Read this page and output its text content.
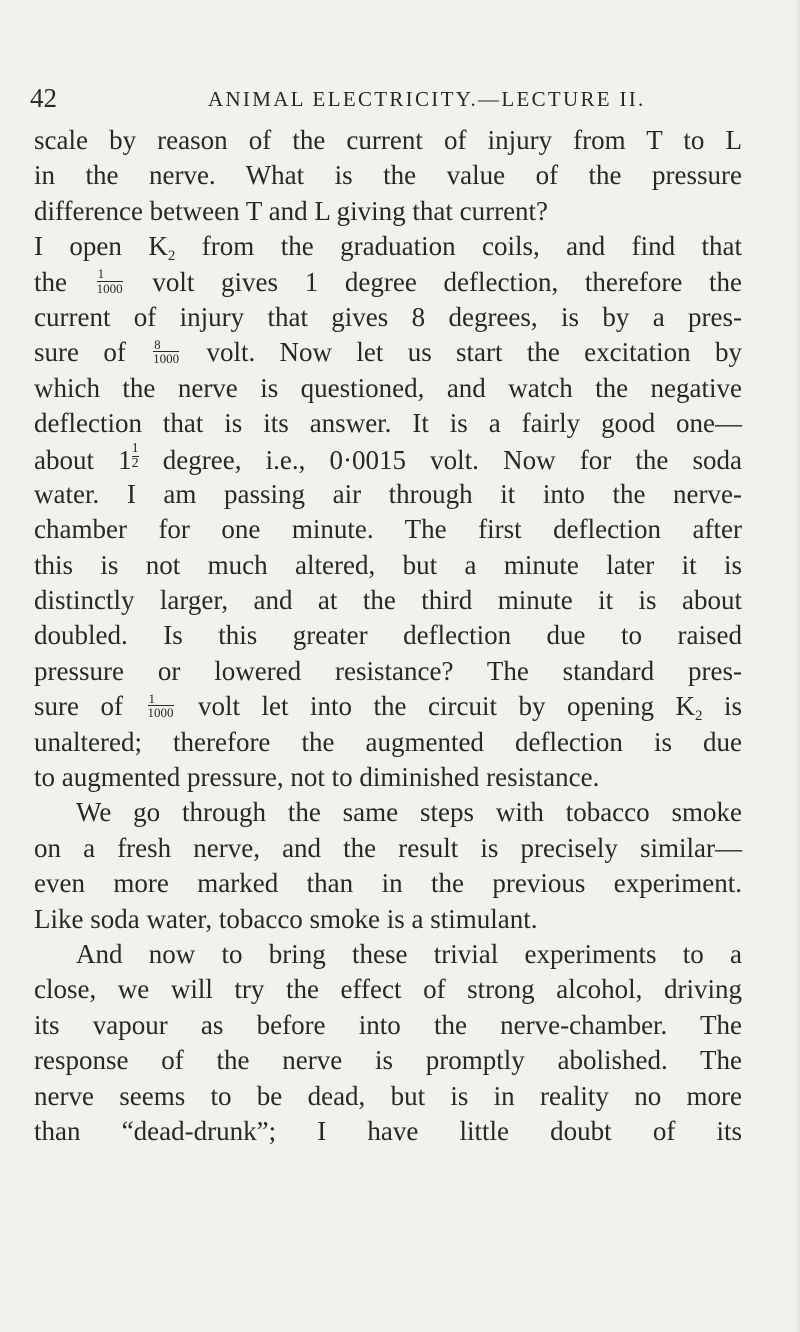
42	ANIMAL ELECTRICITY.—LECTURE II.
scale by reason of the current of injury from T to L
in the nerve. What is the value of the pressure
difference between T and L giving that current?
I open $K_2$ from the graduation coils, and find that
the $\frac{1}{1000}$ volt gives 1 degree deflection, therefore the
current of injury that gives 8 degrees, is by a pres-
sure of $\frac{8}{1000}$ volt. Now let us start the excitation by
which the nerve is questioned, and watch the negative
deflection that is its answer. It is a fairly good one—
about $1 \frac{1}{2}$ degree, i.e., 0·0015 volt. Now for the soda
water. I am passing air through it into the nerve-
chamber for one minute. The first deflection after
this is not much altered, but a minute later it is
distinctly larger, and at the third minute it is about
doubled. Is this greater deflection due to raised
pressure or lowered resistance? The standard pres-
sure of $\frac{1}{1000}$ volt let into the circuit by opening $K_2$ is
unaltered; therefore the augmented deflection is due
to augmented pressure, not to diminished resistance.
We go through the same steps with tobacco smoke
on a fresh nerve, and the result is precisely similar—
even more marked than in the previous experiment.
Like soda water, tobacco smoke is a stimulant.
And now to bring these trivial experiments to a
close, we will try the effect of strong alcohol, driving
its vapour as before into the nerve-chamber. The
response of the nerve is promptly abolished. The
nerve seems to be dead, but is in reality no more
than “dead-drunk”; I have little doubt of its
